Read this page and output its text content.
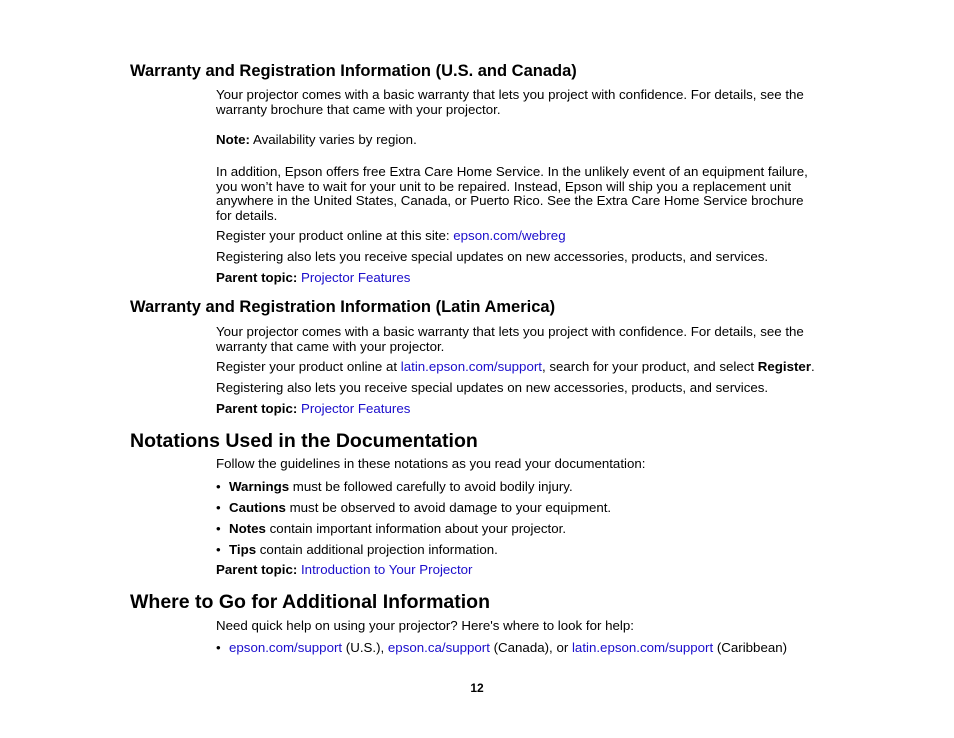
Warranty and Registration Information (U.S. and Canada)
Your projector comes with a basic warranty that lets you project with confidence. For details, see the warranty brochure that came with your projector.
Note: Availability varies by region.
In addition, Epson offers free Extra Care Home Service. In the unlikely event of an equipment failure, you won’t have to wait for your unit to be repaired. Instead, Epson will ship you a replacement unit anywhere in the United States, Canada, or Puerto Rico. See the Extra Care Home Service brochure for details.
Register your product online at this site: epson.com/webreg
Registering also lets you receive special updates on new accessories, products, and services.
Parent topic: Projector Features
Warranty and Registration Information (Latin America)
Your projector comes with a basic warranty that lets you project with confidence. For details, see the warranty that came with your projector.
Register your product online at latin.epson.com/support, search for your product, and select Register.
Registering also lets you receive special updates on new accessories, products, and services.
Parent topic: Projector Features
Notations Used in the Documentation
Follow the guidelines in these notations as you read your documentation:
• Warnings must be followed carefully to avoid bodily injury.
• Cautions must be observed to avoid damage to your equipment.
• Notes contain important information about your projector.
• Tips contain additional projection information.
Parent topic: Introduction to Your Projector
Where to Go for Additional Information
Need quick help on using your projector? Here's where to look for help:
• epson.com/support (U.S.), epson.ca/support (Canada), or latin.epson.com/support (Caribbean)
12
